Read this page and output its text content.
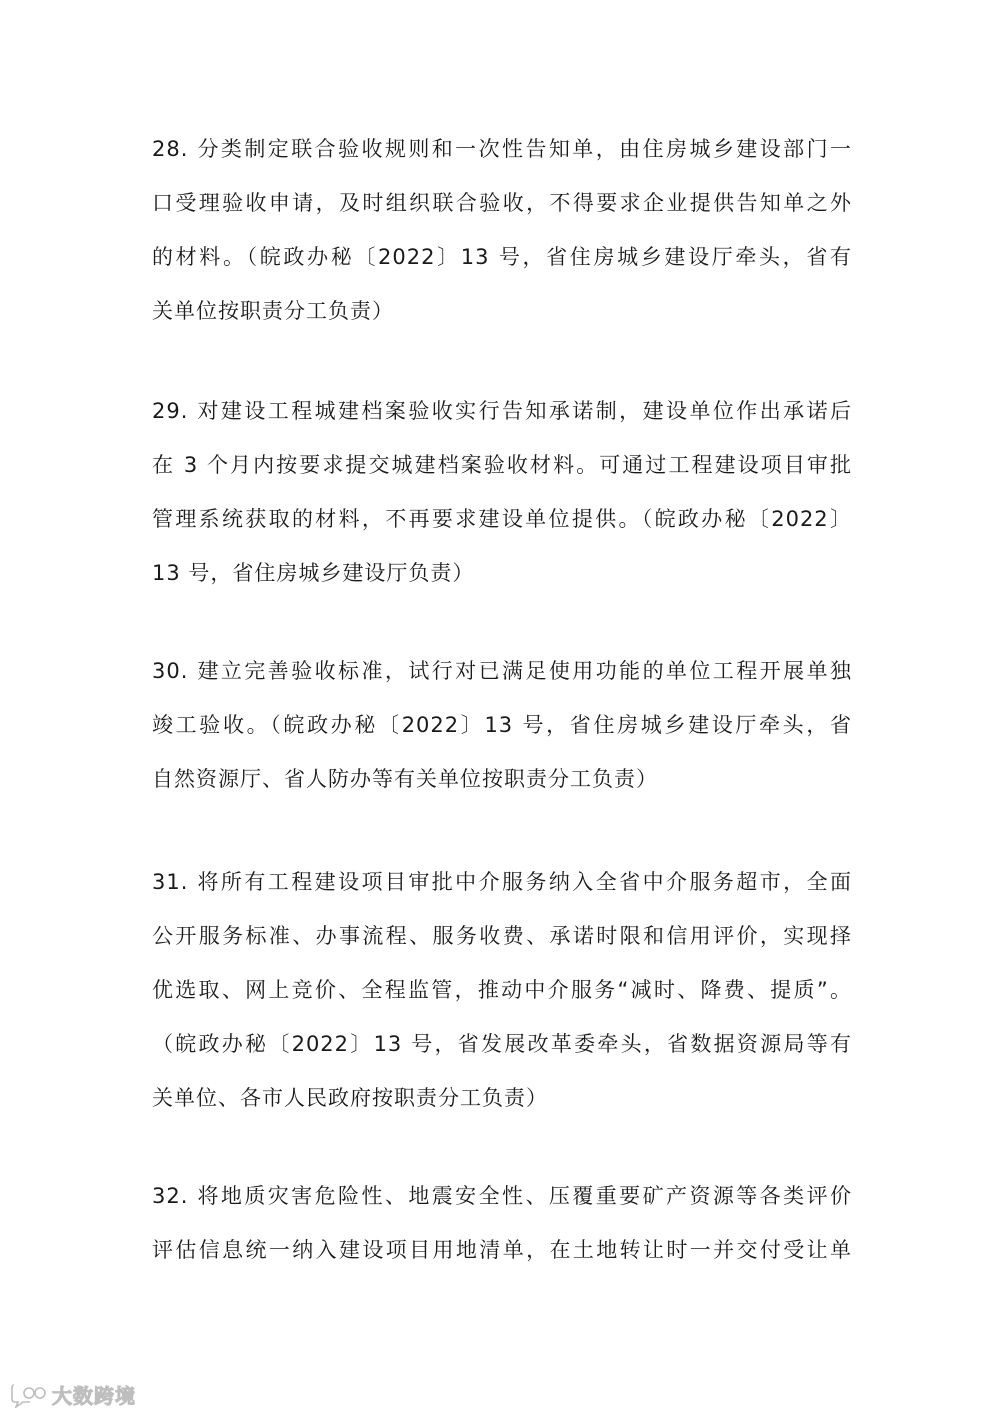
28. 分类制定联合验收规则和一次性告知单，由住房城乡建设部门一
口受理验收申请，及时组织联合验收，不得要求企业提供告知单之外
的材料。（皖政办秘〔2022〕13 号，省住房城乡建设厅牵头，省有
关单位按职责分工负责）
29. 对建设工程城建档案验收实行告知承诺制，建设单位作出承诺后
在 3 个月内按要求提交城建档案验收材料。可通过工程建设项目审批
管理系统获取的材料，不再要求建设单位提供。（皖政办秘〔2022〕
13 号，省住房城乡建设厅负责）
30. 建立完善验收标准，试行对已满足使用功能的单位工程开展单独
竣工验收。（皖政办秘〔2022〕13 号，省住房城乡建设厅牵头，省
自然资源厅、省人防办等有关单位按职责分工负责）
31. 将所有工程建设项目审批中介服务纳入全省中介服务超市，全面
公开服务标准、办事流程、服务收费、承诺时限和信用评价，实现择
优选取、网上竞价、全程监管，推动中介服务“减时、降费、提质”。
（皖政办秘〔2022〕13 号，省发展改革委牵头，省数据资源局等有
关单位、各市人民政府按职责分工负责）
32. 将地质灾害危险性、地震安全性、压覆重要矿产资源等各类评价
评估信息统一纳入建设项目用地清单，在土地转让时一并交付受让单
大数跨境
